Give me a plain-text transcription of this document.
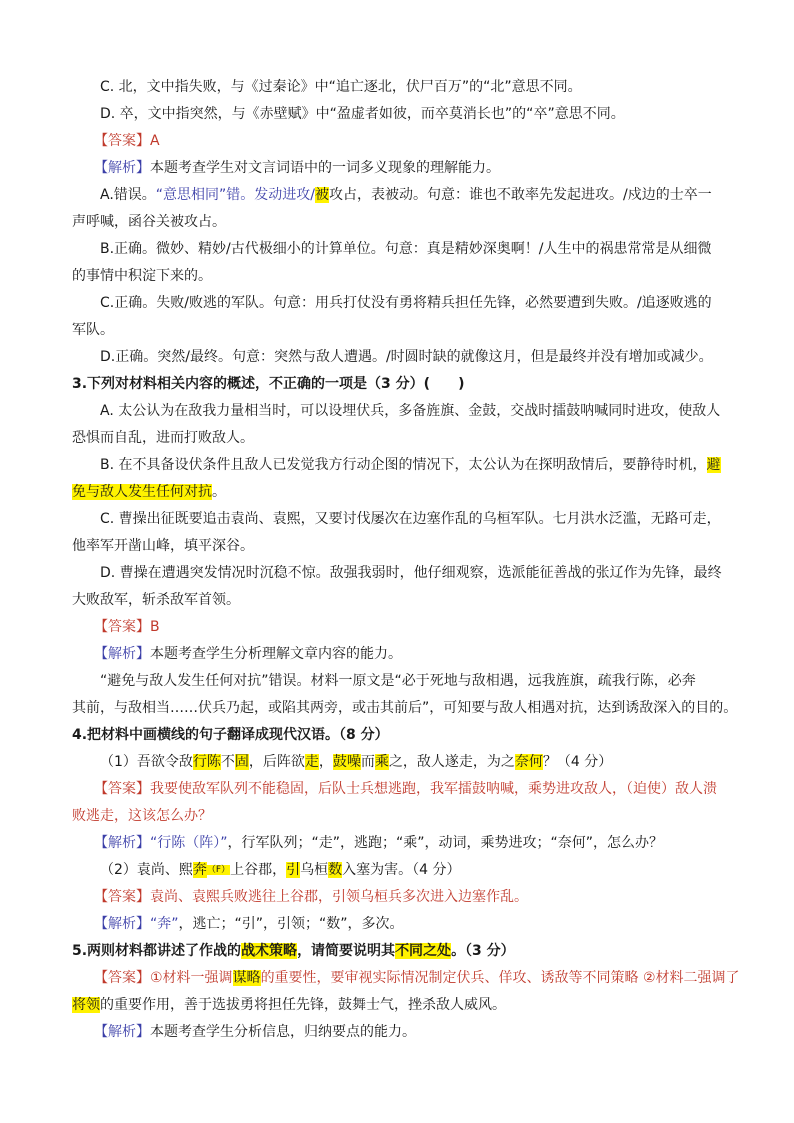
C. 北，文中指失败，与《过秦论》中“追亡逐北，伏尸百万”的“北”意思不同。
D. 卒，文中指突然，与《赤壁赋》中“盈虚者如彼，而卒莫消长也”的“卒”意思不同。
【答案】A
【解析】本题考查学生对文言词语中的一词多义现象的理解能力。
A.错误。“意思相同”错。发动进攻/被攻占，表被动。句意：谁也不敢率先发起进攻。/戍边的士卒一
声呼喊，函谷关被攻占。
B.正确。微妙、精妙/古代极细小的计算单位。句意：真是精妙深奥啊！/人生中的祸患常常是从细微
的事情中积淀下来的。
C.正确。失败/败逃的军队。句意：用兵打仗没有勇将精兵担任先锋，必然要遭到失败。/追逐败逃的
军队。
D.正确。突然/最终。句意：突然与敌人遭遇。/时圆时缺的就像这月，但是最终并没有增加或减少。
3.下列对材料相关内容的概述，不正确的一项是（3 分）(　　)
A. 太公认为在敌我力量相当时，可以设埋伏兵，多备旌旗、金鼓，交战时擂鼓呐喊同时进攻，使敌人
恐惧而自乱，进而打败敌人。
B. 在不具备设伏条件且敌人已发觉我方行动企图的情况下，太公认为在探明敌情后，要静待时机，避
免与敌人发生任何对抗。
C. 曹操出征既要追击袁尚、袁熙，又要讨伐屡次在边塞作乱的乌桓军队。七月洪水泛滥，无路可走，
他率军开凿山峰，填平深谷。
D. 曹操在遭遇突发情况时沉稳不惊。敌强我弱时，他仔细观察，选派能征善战的张辽作为先锋，最终
大败敌军，斩杀敌军首领。
【答案】B
【解析】本题考查学生分析理解文章内容的能力。
“避免与敌人发生任何对抗”错误。材料一原文是“必于死地与敌相遇，远我旌旗，疏我行陈，必奔
其前，与敌相当……伏兵乃起，或陷其两旁，或击其前后”，可知要与敌人相遇对抗，达到诱敌深入的目的。
4.把材料中画横线的句子翻译成现代汉语。（8 分）
（1）吾欲令敌行陈不固，后阵欲走，鼓噪而乘之，敌人遂走，为之奈何？（4 分）
【答案】我要使敌军队列不能稳固，后队士兵想逃跑，我军擂鼓呐喊，乘势进攻敌人，（迫使）敌人溃
败逃走，这该怎么办？
【解析】“行陈（阵）”，行军队列；“走”，逃跑；“乘”，动词，乘势进攻；“奈何”，怎么办？
（2）袁尚、熙奔（F）上谷郡，引乌桓数入塞为害。（4 分）
【答案】袁尚、袁熙兵败逃往上谷郡，引领乌桓兵多次进入边塞作乱。
【解析】“奔”，逃亡；“引”，引领；“数”，多次。
5.两则材料都讲述了作战的战术策略，请简要说明其不同之处。（3 分）
【答案】①材料一强调谋略的重要性，要审视实际情况制定伏兵、佯攻、诱敌等不同策略 ②材料二强调了
将领的重要作用，善于选拔勇将担任先锋，鼓舞士气，挫杀敌人威风。
【解析】本题考查学生分析信息，归纳要点的能力。
